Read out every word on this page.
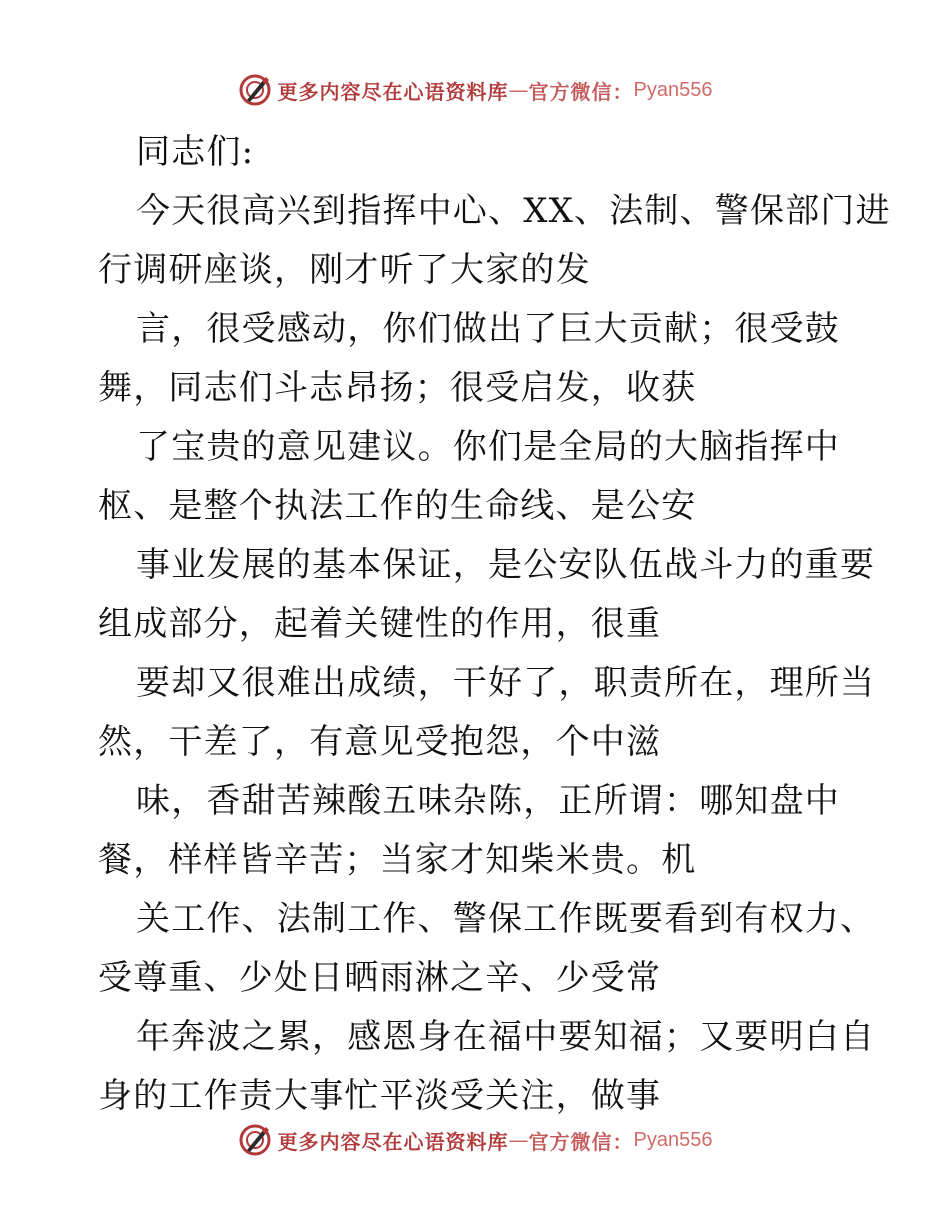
更多内容尽在心语资料库 — 官方微信： Pyan556
同志们:
今天很高兴到指挥中心、XX、法制、警保部门进
行调研座谈，刚才听了大家的发
言，很受感动，你们做出了巨大贡献；很受鼓
舞，同志们斗志昂扬；很受启发，收获
了宝贵的意见建议。你们是全局的大脑指挥中
枢、是整个执法工作的生命线、是公安
事业发展的基本保证，是公安队伍战斗力的重要
组成部分，起着关键性的作用，很重
要却又很难出成绩，干好了，职责所在，理所当
然，干差了，有意见受抱怨，个中滋
味，香甜苦辣酸五味杂陈，正所谓：哪知盘中
餐，样样皆辛苦；当家才知柴米贵。机
关工作、法制工作、警保工作既要看到有权力、
受尊重、少处日晒雨淋之辛、少受常
年奔波之累，感恩身在福中要知福；又要明白自
身的工作责大事忙平淡受关注，做事
更多内容尽在心语资料库 — 官方微信： Pyan556
